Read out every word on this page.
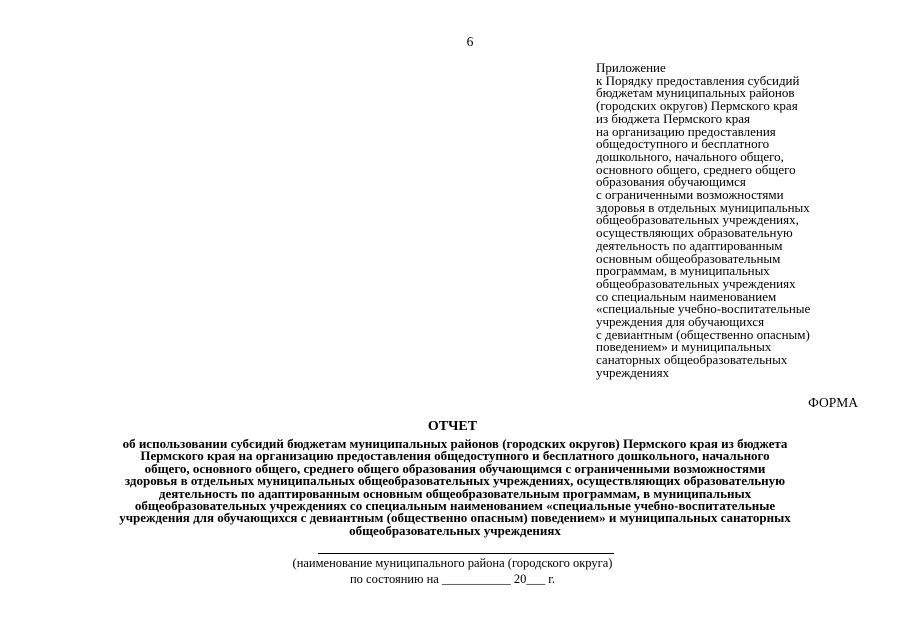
6
Приложение
к Порядку предоставления субсидий
бюджетам муниципальных районов
(городских округов) Пермского края
из бюджета Пермского края
на организацию предоставления
общедоступного и бесплатного
дошкольного, начального общего,
основного общего, среднего общего
образования обучающимся
с ограниченными возможностями
здоровья в отдельных муниципальных
общеобразовательных учреждениях,
осуществляющих образовательную
деятельность по адаптированным
основным общеобразовательным
программам, в муниципальных
общеобразовательных учреждениях
со специальным наименованием
«специальные учебно-воспитательные
учреждения для обучающихся
с девиантным (общественно опасным)
поведением» и муниципальных
санаторных общеобразовательных
учреждениях
ФОРМА
ОТЧЕТ
об использовании субсидий бюджетам муниципальных районов (городских округов) Пермского края из бюджета
Пермского края на организацию предоставления общедоступного и бесплатного дошкольного, начального
общего, основного общего, среднего общего образования обучающимся с ограниченными возможностями
здоровья в отдельных муниципальных общеобразовательных учреждениях, осуществляющих образовательную
деятельность по адаптированным основным общеобразовательным программам, в муниципальных
общеобразовательных учреждениях со специальным наименованием «специальные учебно-воспитательные
учреждения для обучающихся с девиантным (общественно опасным) поведением» и муниципальных санаторных
общеобразовательных учреждениях
(наименование муниципального района (городского округа)
по состоянию на ___________ 20___ г.
